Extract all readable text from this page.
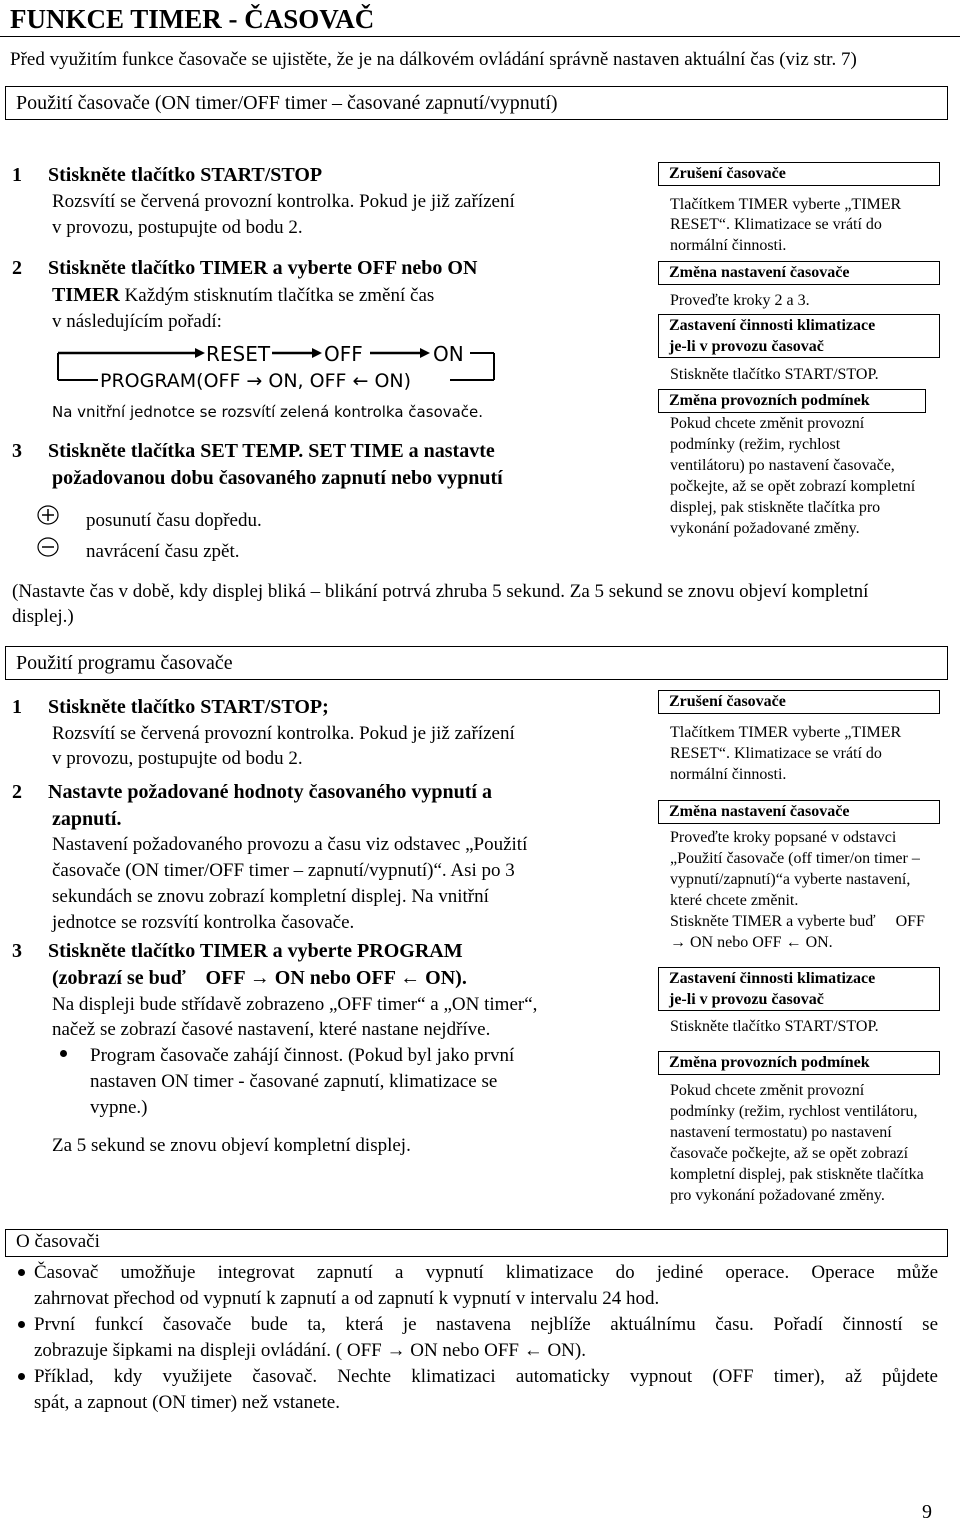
FUNKCE TIMER - ČASOVAČ
Před využitím funkce časovače se ujistěte, že je na dálkovém ovládání správně nastaven aktuální čas (viz str. 7)
Použití časovače (ON timer/OFF timer – časované zapnutí/vypnutí)
1 Stiskněte tlačítko START/STOP
Rozsvítí se červená provozní kontrolka. Pokud je již zařízení
v provozu, postupujte od bodu 2.
2 Stiskněte tlačítko TIMER a vyberte OFF nebo ON
TIMER Každým stisknutím tlačítka se změní čas
v následujícím pořadí:
RESET	OFF	ON
PROGRAM(OFF → ON, OFF ← ON)
Na vnitřní jednotce se rozsvítí zelená kontrolka časovače.
3 Stiskněte tlačítka SET TEMP. SET TIME a nastavte
požadovanou dobu časovaného zapnutí nebo vypnutí
posunutí času dopředu.
navrácení času zpět.
(Nastavte čas v době, kdy displej bliká – blikání potrvá zhruba 5 sekund. Za 5 sekund se znovu objeví kompletní
displej.)
Zrušení časovače
Tlačítkem TIMER vyberte „TIMER
RESET“. Klimatizace se vrátí do
normální činnosti.
Změna nastavení časovače
Proveďte kroky 2 a 3.
Zastavení činnosti klimatizace
je-li v provozu časovač
Stiskněte tlačítko START/STOP.
Změna provozních podmínek
Pokud chcete změnit provozní
podmínky (režim, rychlost
ventilátoru) po nastavení časovače,
počkejte, až se opět zobrazí kompletní
displej, pak stiskněte tlačítka pro
vykonání požadované změny.
Použití programu časovače
1 Stiskněte tlačítko START/STOP;
Rozsvítí se červená provozní kontrolka. Pokud je již zařízení
v provozu, postupujte od bodu 2.
2 Nastavte požadované hodnoty časovaného vypnutí a
zapnutí.
Nastavení požadovaného provozu a času viz odstavec „Použití
časovače (ON timer/OFF timer – zapnutí/vypnutí)“. Asi po 3
sekundách se znovu zobrazí kompletní displej. Na vnitřní
jednotce se rozsvítí kontrolka časovače.
3 Stiskněte tlačítko TIMER a vyberte PROGRAM
(zobrazí se buď    OFF → ON nebo OFF ← ON).
Na displeji bude střídavě zobrazeno „OFF timer“ a „ON timer“,
načež se zobrazí časové nastavení, které nastane nejdříve.
Program časovače zahájí činnost. (Pokud byl jako první
nastaven ON timer - časované zapnutí, klimatizace se
vypne.)
Za 5 sekund se znovu objeví kompletní displej.
Zrušení časovače
Tlačítkem TIMER vyberte „TIMER
RESET“. Klimatizace se vrátí do
normální činnosti.
Změna nastavení časovače
Proveďte kroky popsané v odstavci
„Použití časovače (off timer/on timer –
vypnutí/zapnutí)“a vyberte nastavení,
které chcete změnit.
Stiskněte TIMER a vyberte buď     OFF
→ ON nebo OFF ← ON.
Zastavení činnosti klimatizace
je-li v provozu časovač
Stiskněte tlačítko START/STOP.
Změna provozních podmínek
Pokud chcete změnit provozní
podmínky (režim, rychlost ventilátoru,
nastavení termostatu) po nastavení
časovače počkejte, až se opět zobrazí
kompletní displej, pak stiskněte tlačítka
pro vykonání požadované změny.
O časovači
Časovač umožňuje integrovat zapnutí a vypnutí klimatizace do jediné operace. Operace může
zahrnovat přechod od vypnutí k zapnutí a od zapnutí k vypnutí v intervalu 24 hod.
První funkcí časovače bude ta, která je nastavena nejblíže aktuálnímu času. Pořadí činností se
zobrazuje šipkami na displeji ovládání. ( OFF → ON nebo OFF ← ON).
Příklad, kdy využijete časovač. Nechte klimatizaci automaticky vypnout (OFF timer), až půjdete
spát, a zapnout (ON timer) než vstanete.
9
